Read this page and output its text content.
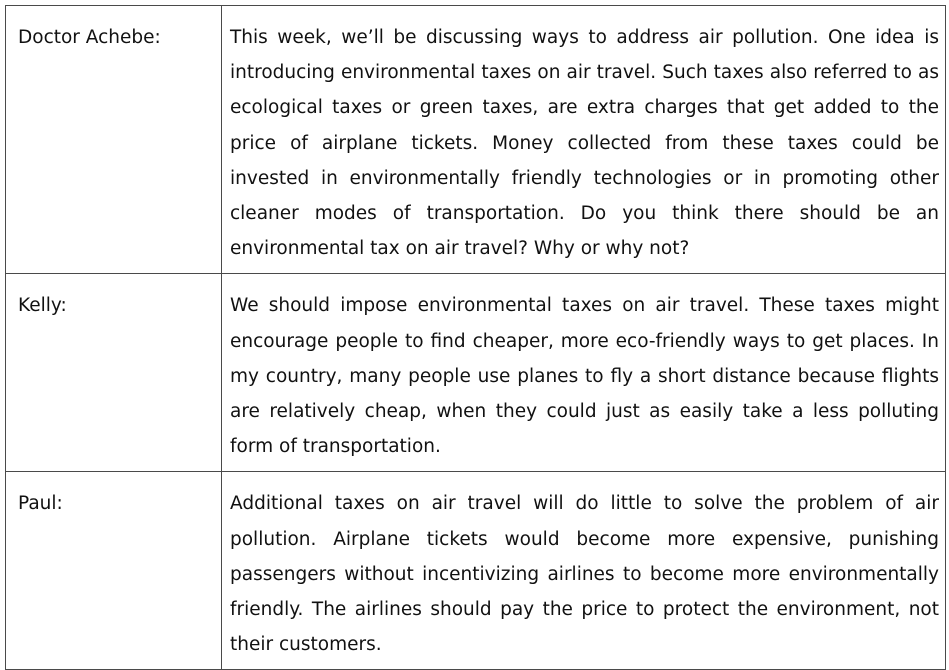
Doctor Achebe:	This week, we’ll be discussing ways to address air pollution. One idea is introducing environmental taxes on air travel. Such taxes also referred to as ecological taxes or green taxes, are extra charges that get added to the price of airplane tickets. Money collected from these taxes could be invested in environmentally friendly technologies or in promoting other cleaner modes of transportation. Do you think there should be an environmental tax on air travel? Why or why not?
Kelly:	We should impose environmental taxes on air travel. These taxes might encourage people to find cheaper, more eco-friendly ways to get places. In my country, many people use planes to fly a short distance because flights are relatively cheap, when they could just as easily take a less polluting form of transportation.
Paul:	Additional taxes on air travel will do little to solve the problem of air pollution. Airplane tickets would become more expensive, punishing passengers without incentivizing airlines to become more environmentally friendly. The airlines should pay the price to protect the environment, not their customers.
